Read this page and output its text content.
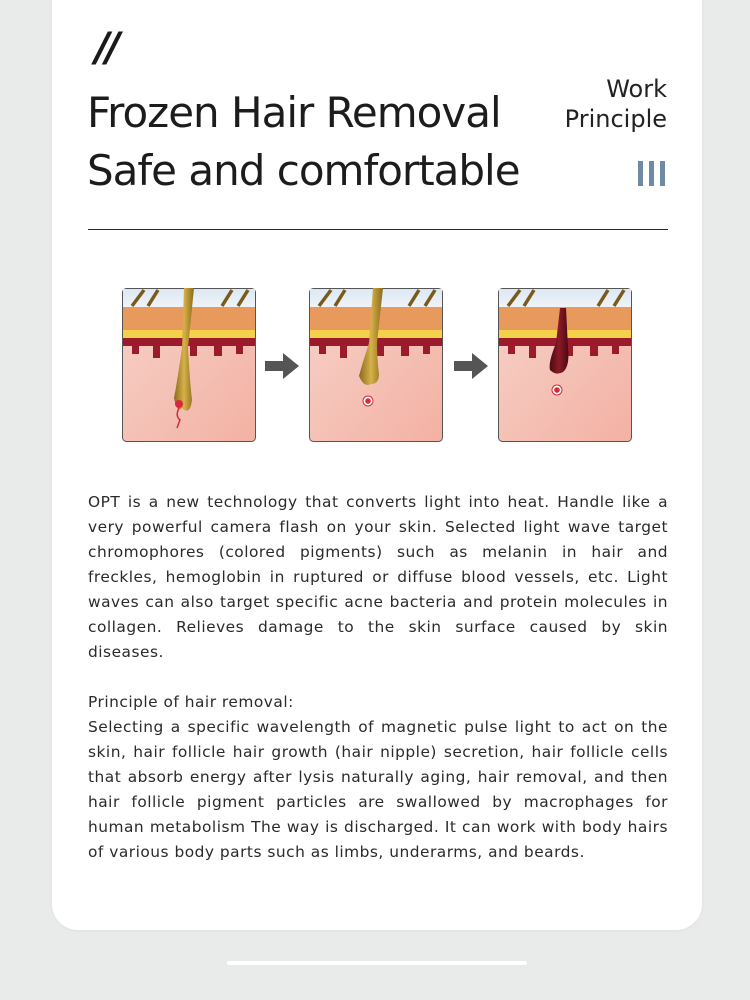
//
Frozen Hair Removal
Safe and comfortable
Work
Principle

OPT is a new technology that converts light into heat. Handle like a very powerful camera flash on your skin. Selected light wave target chromophores (colored pigments) such as melanin in hair and freckles, hemoglobin in ruptured or diffuse blood vessels, etc. Light waves can also target specific acne bacteria and protein molecules in collagen. Relieves damage to the skin surface caused by skin diseases.

Principle of hair removal:

Selecting a specific wavelength of magnetic pulse light to act on the skin, hair follicle hair growth (hair nipple) secretion, hair follicle cells that absorb energy after lysis naturally aging, hair removal, and then hair follicle pigment particles are swallowed by macrophages for human metabolism The way is discharged. It can work with body hairs of various body parts such as limbs, underarms, and beards.
